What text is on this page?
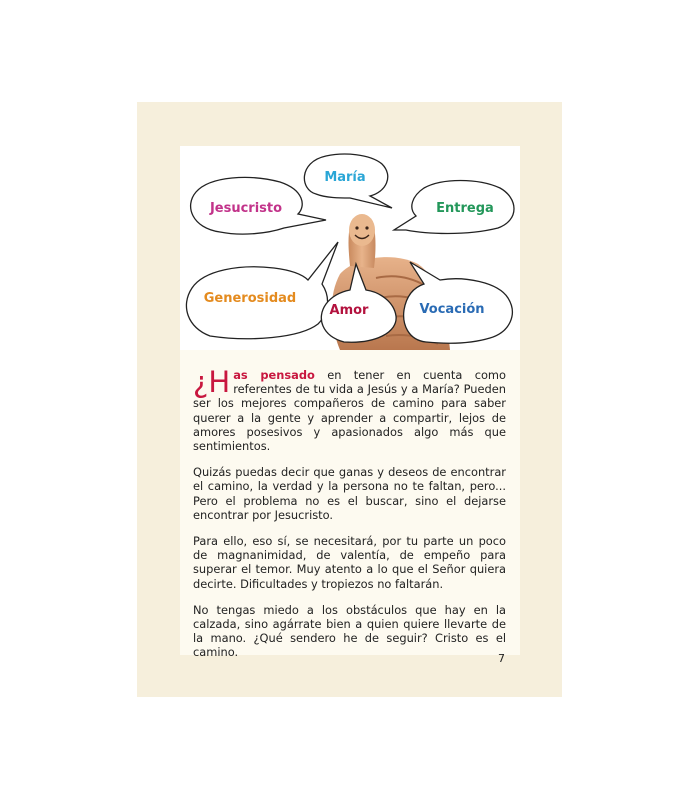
María
Jesucristo	Entrega
Generosidad
Amor	Vocación

¿H as pensado en tener en cuenta como referentes de tu vida a Jesús y a María? Pueden ser los mejores compañeros de camino para saber querer a la gente y aprender a compartir, lejos de amores posesivos y apasionados algo más que sentimientos.

Quizás puedas decir que ganas y deseos de encontrar el camino, la verdad y la persona no te faltan, pero... Pero el problema no es el buscar, sino el dejarse encontrar por Jesucristo.

Para ello, eso sí, se necesitará, por tu parte un poco de magnanimidad, de valentía, de empeño para superar el temor. Muy atento a lo que el Señor quiera decirte. Dificultades y tropiezos no faltarán.

No tengas miedo a los obstáculos que hay en la calzada, sino agárrate bien a quien quiere llevarte de la mano. ¿Qué sendero he de seguir? Cristo es el camino.	7
